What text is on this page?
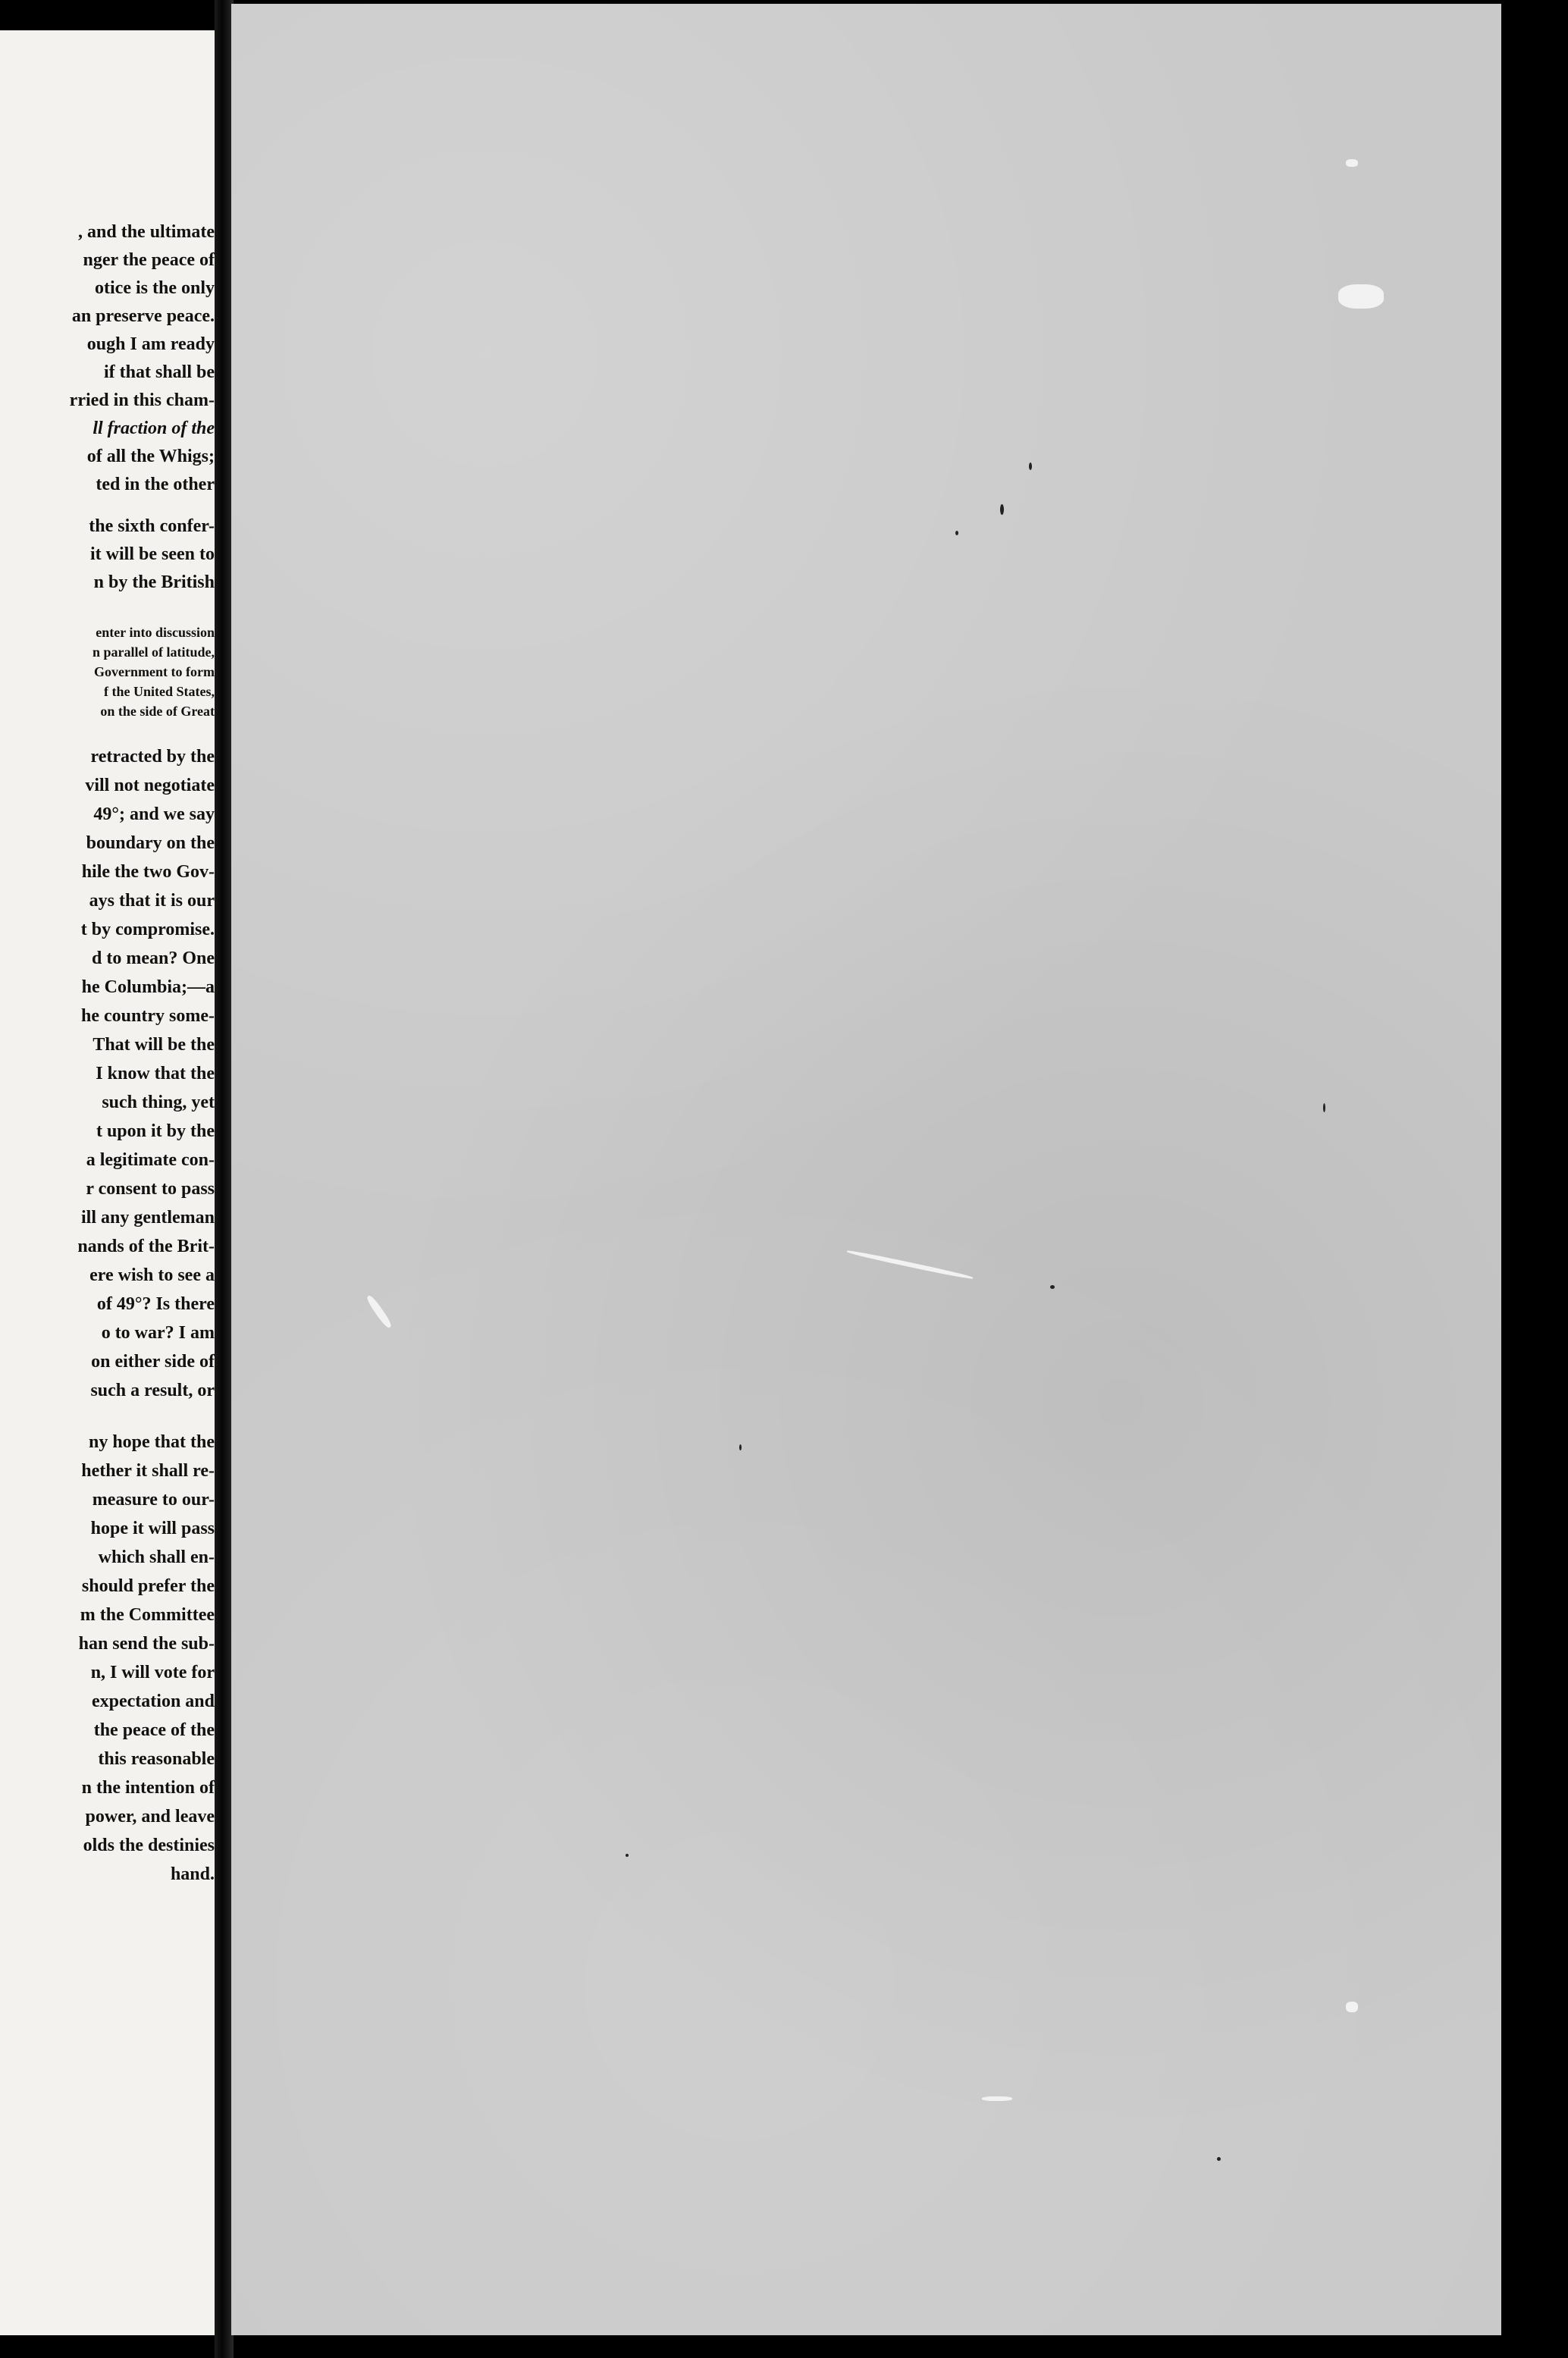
, and the ultimate
nger the peace of
otice is the only
an preserve peace.
ough I am ready
if that shall be
rried in this cham-
ll fraction of the
of all the Whigs;
ted in the other
the sixth confer-
it will be seen to
n by the British
enter into discussion
n parallel of latitude,
Government to form
f the United States,
on the side of Great
retracted by the
vill not negotiate
49°; and we say
boundary on the
hile the two Gov-
ays that it is our
t by compromise.
d to mean? One
he Columbia;—a
he country some-
That will be the
I know that the
such thing, yet
t upon it by the
a legitimate con-
r consent to pass
ill any gentleman
nands of the Brit-
ere wish to see a
of 49°? Is there
o to war? I am
on either side of
such a result, or
ny hope that the
hether it shall re-
measure to our-
hope it will pass
which shall en-
should prefer the
m the Committee
han send the sub-
n, I will vote for
expectation and
the peace of the
this reasonable
n the intention of
power, and leave
olds the destinies
hand.
